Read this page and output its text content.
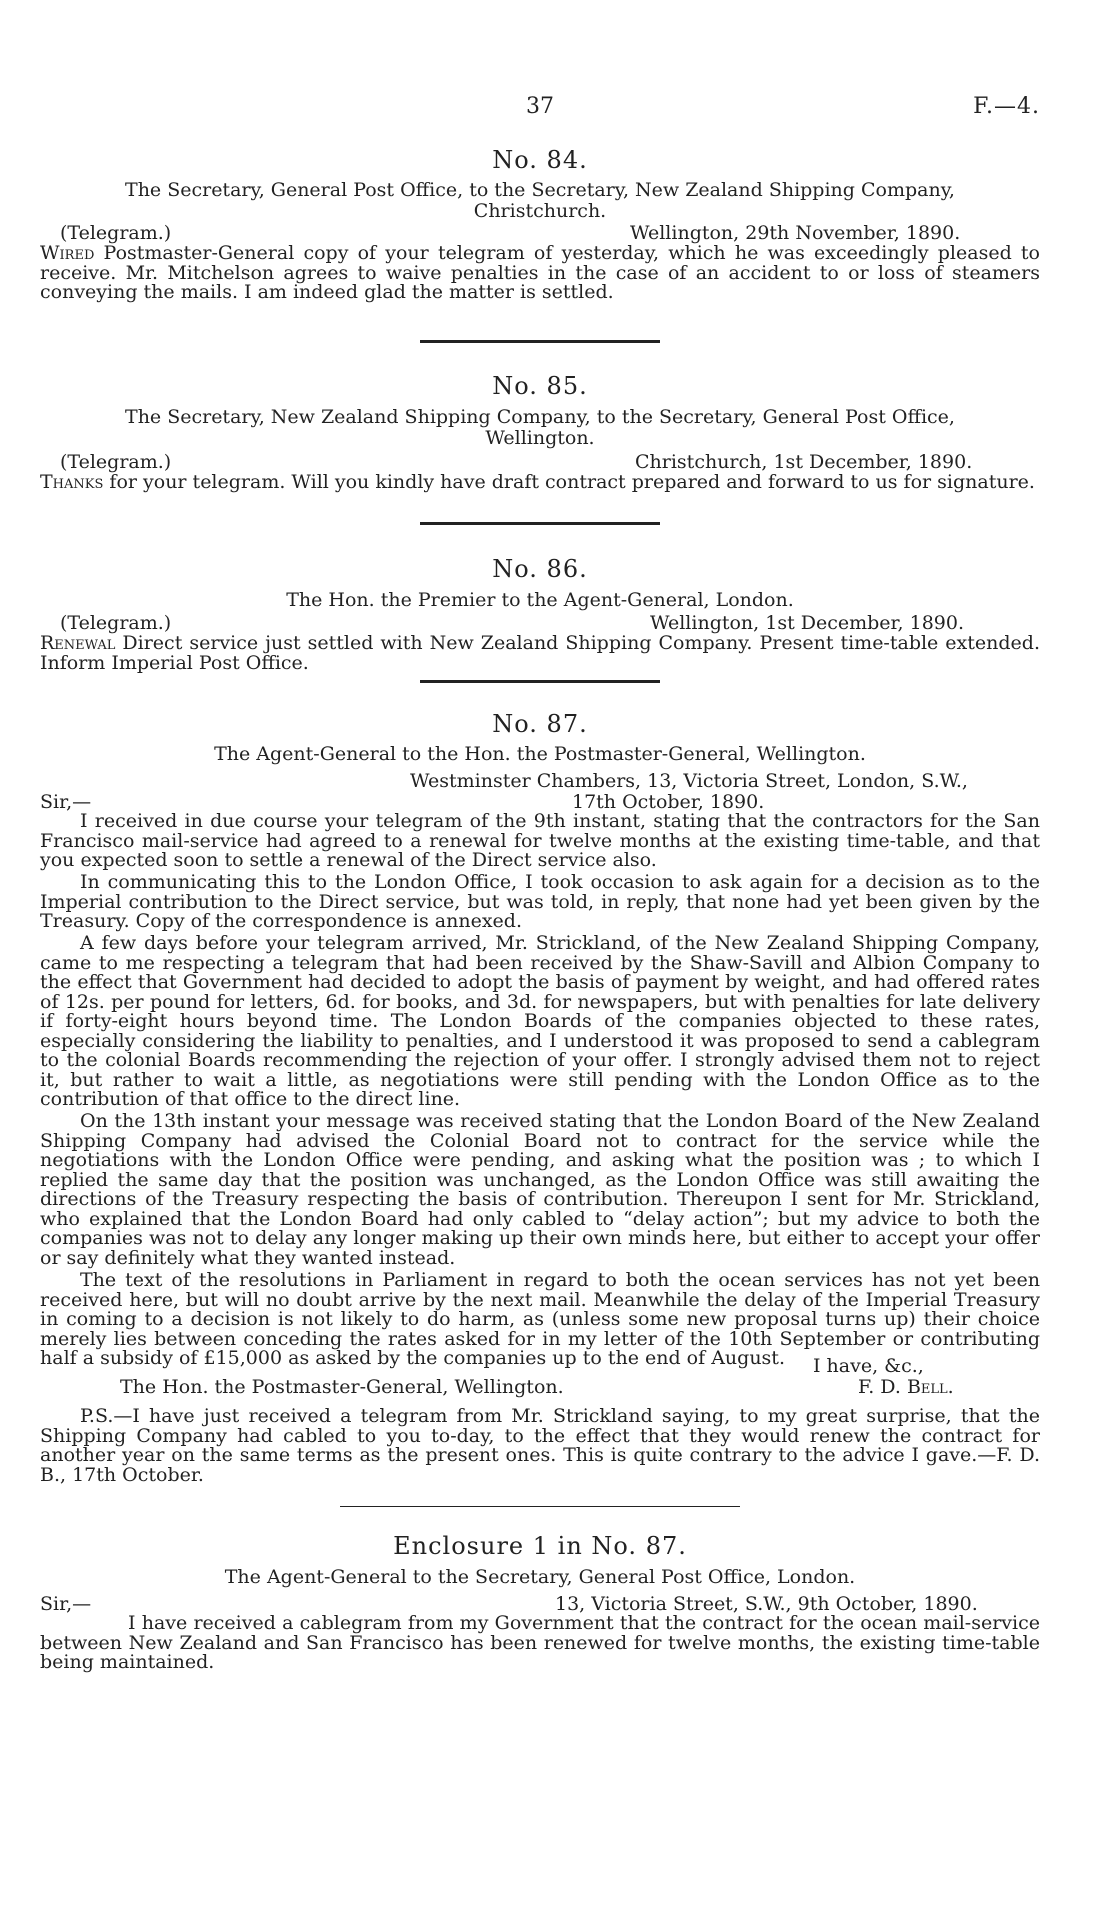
37	F.—4.
No. 84.
The Secretary, General Post Office, to the Secretary, New Zealand Shipping Company,
Christchurch.
(Telegram.)	Wellington, 29th November, 1890.
Wired Postmaster-General copy of your telegram of yesterday, which he was exceedingly pleased to receive. Mr. Mitchelson agrees to waive penalties in the case of an accident to or loss of steamers conveying the mails. I am indeed glad the matter is settled.
No. 85.
The Secretary, New Zealand Shipping Company, to the Secretary, General Post Office,
Wellington.
(Telegram.)	Christchurch, 1st December, 1890.
Thanks for your telegram. Will you kindly have draft contract prepared and forward to us for signature.
No. 86.
The Hon. the Premier to the Agent-General, London.
(Telegram.)	Wellington, 1st December, 1890.
Renewal Direct service just settled with New Zealand Shipping Company. Present time-table extended. Inform Imperial Post Office.
No. 87.
The Agent-General to the Hon. the Postmaster-General, Wellington.
Westminster Chambers, 13, Victoria Street, London, S.W.,
Sir,—	17th October, 1890.
I received in due course your telegram of the 9th instant, stating that the contractors for the San Francisco mail-service had agreed to a renewal for twelve months at the existing time-table, and that you expected soon to settle a renewal of the Direct service also.
In communicating this to the London Office, I took occasion to ask again for a decision as to the Imperial contribution to the Direct service, but was told, in reply, that none had yet been given by the Treasury. Copy of the correspondence is annexed.
A few days before your telegram arrived, Mr. Strickland, of the New Zealand Shipping Company, came to me respecting a telegram that had been received by the Shaw-Savill and Albion Company to the effect that Government had decided to adopt the basis of payment by weight, and had offered rates of 12s. per pound for letters, 6d. for books, and 3d. for newspapers, but with penalties for late delivery if forty-eight hours beyond time. The London Boards of the companies objected to these rates, especially considering the liability to penalties, and I understood it was proposed to send a cablegram to the colonial Boards recommending the rejection of your offer. I strongly advised them not to reject it, but rather to wait a little, as negotiations were still pending with the London Office as to the contribution of that office to the direct line.
On the 13th instant your message was received stating that the London Board of the New Zealand Shipping Company had advised the Colonial Board not to contract for the service while the negotiations with the London Office were pending, and asking what the position was ; to which I replied the same day that the position was unchanged, as the London Office was still awaiting the directions of the Treasury respecting the basis of contribution. Thereupon I sent for Mr. Strickland, who explained that the London Board had only cabled to “delay action”; but my advice to both the companies was not to delay any longer making up their own minds here, but either to accept your offer or say definitely what they wanted instead.
The text of the resolutions in Parliament in regard to both the ocean services has not yet been received here, but will no doubt arrive by the next mail. Meanwhile the delay of the Imperial Treasury in coming to a decision is not likely to do harm, as (unless some new proposal turns up) their choice merely lies between conceding the rates asked for in my letter of the 10th September or contributing half a subsidy of £15,000 as asked by the companies up to the end of August.	I have, &c.,
The Hon. the Postmaster-General, Wellington.	F. D. Bell.
P.S.—I have just received a telegram from Mr. Strickland saying, to my great surprise, that the Shipping Company had cabled to you to-day, to the effect that they would renew the contract for another year on the same terms as the present ones. This is quite contrary to the advice I gave.—F. D. B., 17th October.
Enclosure 1 in No. 87.
The Agent-General to the Secretary, General Post Office, London.
Sir,—	13, Victoria Street, S.W., 9th October, 1890.
I have received a cablegram from my Government that the contract for the ocean mail-service between New Zealand and San Francisco has been renewed for twelve months, the existing time-table being maintained.
